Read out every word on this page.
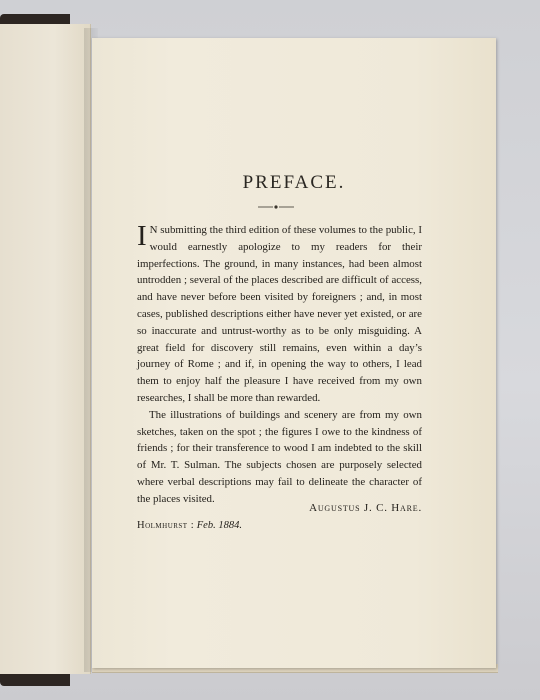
PREFACE.

I N submitting the third edition of these volumes to the public, I would earnestly apologize to my readers for their imperfections. The ground, in many instances, had been almost untrodden ; several of the places described are difficult of access, and have never before been visited by foreigners ; and, in most cases, published descriptions either have never yet existed, or are so inaccurate and untrust-worthy as to be only misguiding. A great field for discovery still remains, even within a day’s journey of Rome ; and if, in opening the way to others, I lead them to enjoy half the pleasure I have received from my own researches, I shall be more than rewarded.

The illustrations of buildings and scenery are from my own sketches, taken on the spot ; the figures I owe to the kindness of friends ; for their transference to wood I am indebted to the skill of Mr. T. Sulman. The subjects chosen are purposely selected where verbal descriptions may fail to delineate the character of the places visited.

Augustus J. C. Hare.
Holmhurst : Feb. 1884.
